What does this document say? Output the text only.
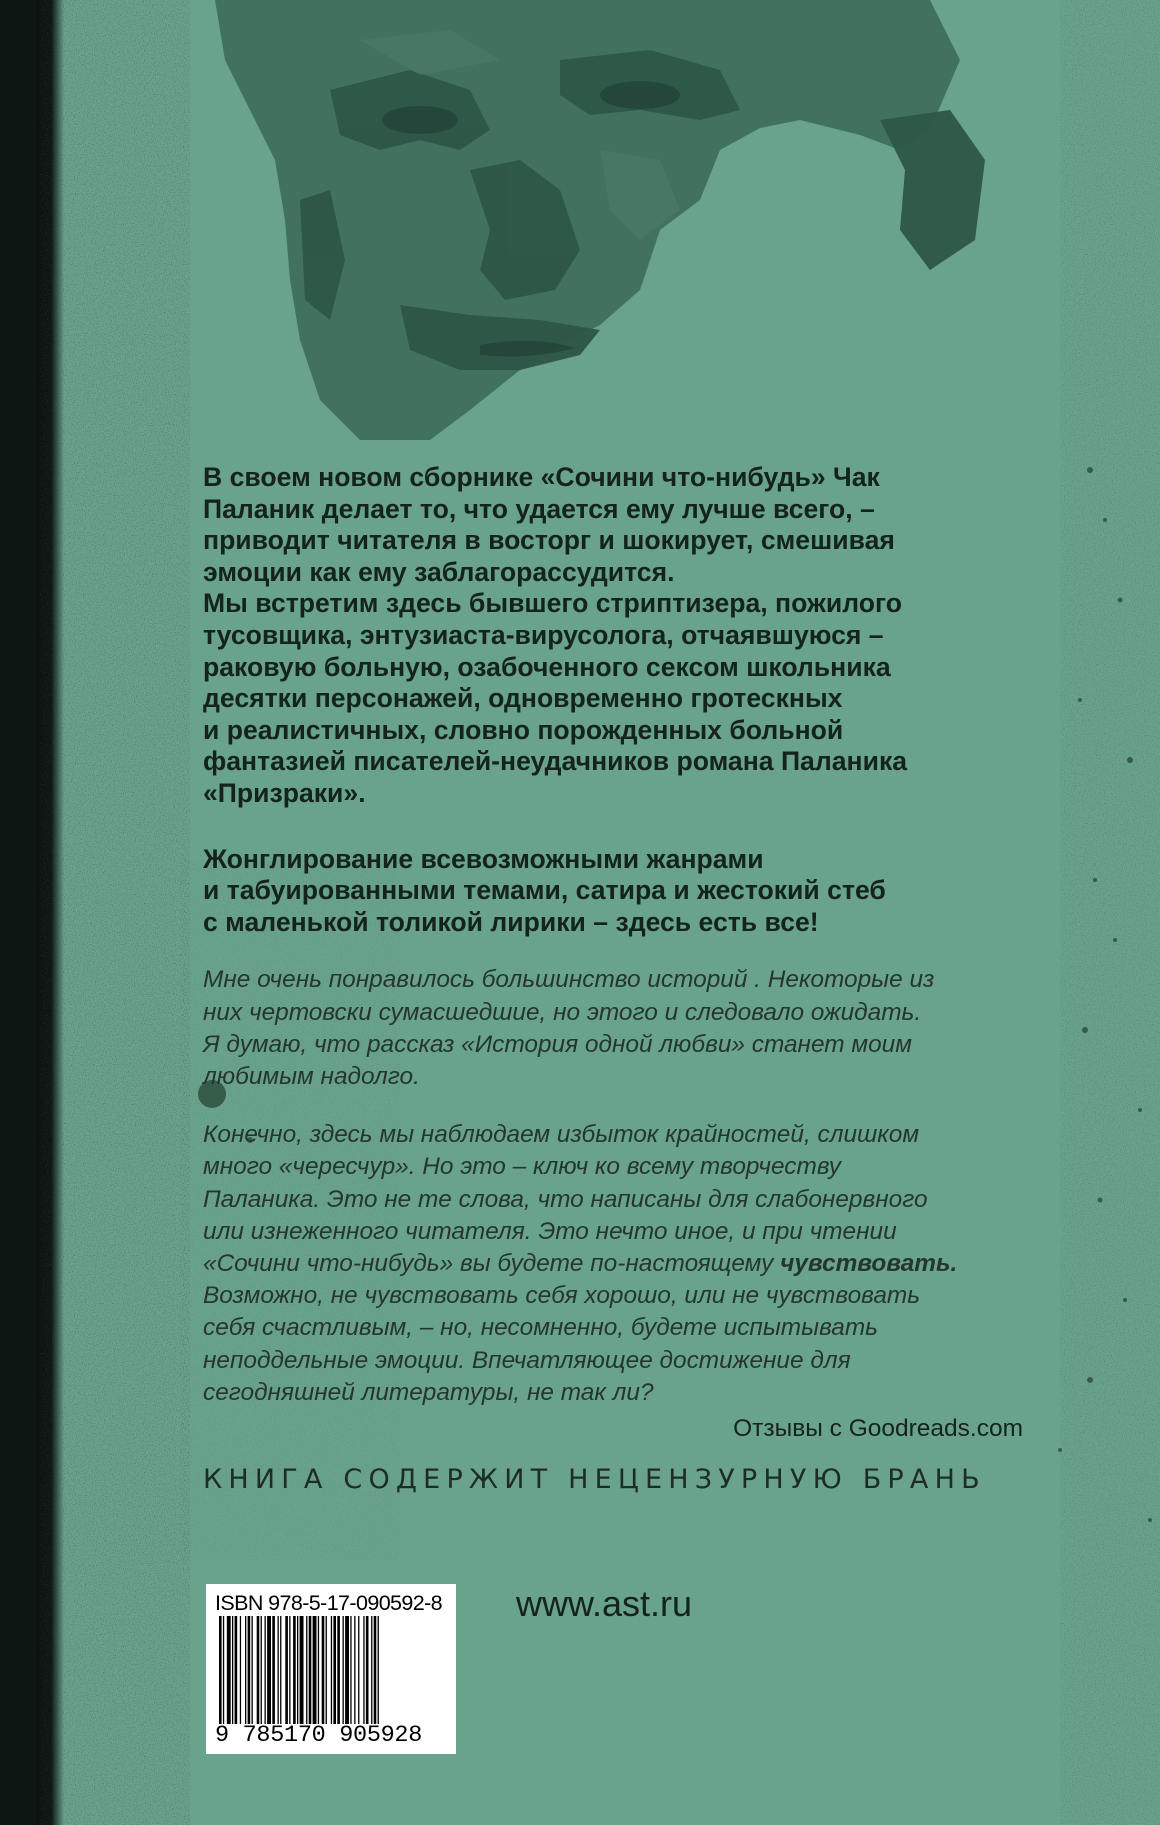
В своем новом сборнике «Сочини что-нибудь» Чак
Паланик делает то, что удается ему лучше всего, –
приводит читателя в восторг и шокирует, смешивая
эмоции как ему заблагорассудится.
Мы встретим здесь бывшего стриптизера, пожилого
тусовщика, энтузиаста-вирусолога, отчаявшуюся –
раковую больную, озабоченного сексом школьника
десятки персонажей, одновременно гротескных
и реалистичных, словно порожденных больной
фантазией писателей-неудачников романа Паланика
«Призраки».
Жонглирование всевозможными жанрами
и табуированными темами, сатира и жестокий стеб
с маленькой толикой лирики – здесь есть все!
Мне очень понравилось большинство историй . Некоторые из
них чертовски сумасшедшие, но этого и следовало ожидать.
Я думаю, что рассказ «История одной любви» станет моим
любимым надолго.
Конечно, здесь мы наблюдаем избыток крайностей, слишком
много «чересчур». Но это – ключ ко всему творчеству
Паланика. Это не те слова, что написаны для слабонервного
или изнеженного читателя. Это нечто иное, и при чтении
«Сочини что-нибудь» вы будете по-настоящему чувствовать.
Возможно, не чувствовать себя хорошо, или не чувствовать
себя счастливым, – но, несомненно, будете испытывать
неподдельные эмоции. Впечатляющее достижение для
сегодняшней литературы, не так ли?
Отзывы с Goodreads.com
КНИГА СОДЕРЖИТ НЕЦЕНЗУРНУЮ БРАНЬ
ISBN 978-5-17-090592-8
9 785170 905928
www.ast.ru
